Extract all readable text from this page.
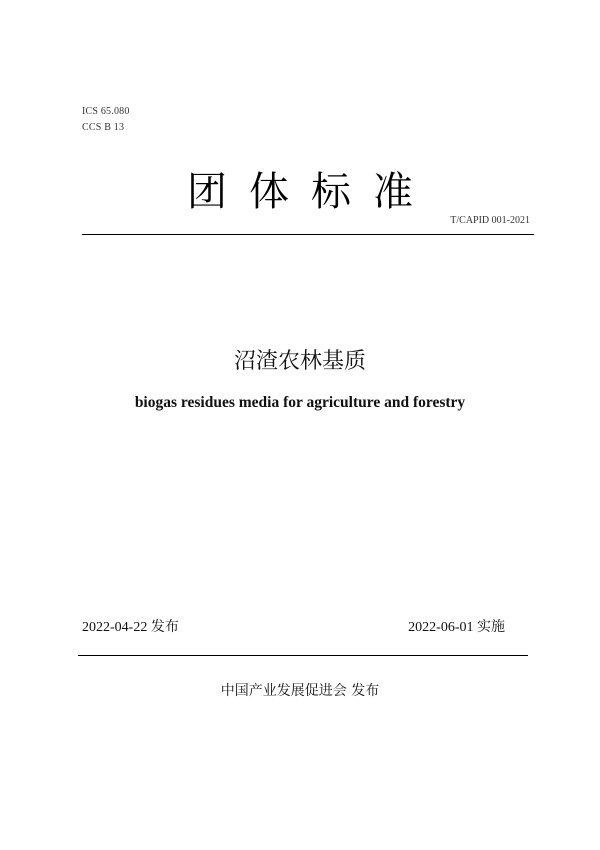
ICS 65.080
CCS B 13
团体标准
T/CAPID 001-2021
沼渣农林基质
biogas residues media for agriculture and forestry
2022-04-22 发布	2022-06-01 实施
中国产业发展促进会 发布
